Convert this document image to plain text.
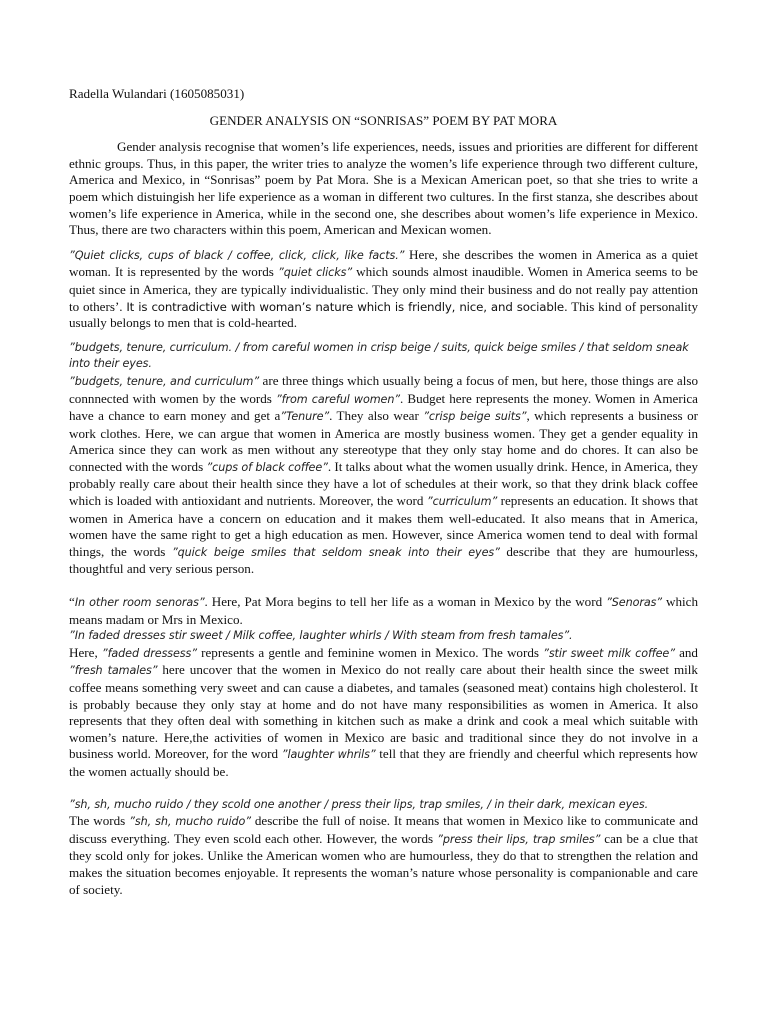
Radella Wulandari (1605085031)
GENDER ANALYSIS ON “SONRISAS” POEM BY PAT MORA

Gender analysis recognise that women’s life experiences, needs, issues and priorities are different for different ethnic groups. Thus, in this paper, the writer tries to analyze the women’s life experience through two different culture, America and Mexico, in “Sonrisas” poem by Pat Mora. She is a Mexican American poet, so that she tries to write a poem which distuingish her life experience as a woman in different two cultures. In the first stanza, she describes about women’s life experience in America, while in the second one, she describes about women’s life experience in Mexico. Thus, there are two characters within this poem, American and Mexican women.

”Quiet clicks, cups of black / coffee, click, click, like facts.” Here, she describes the women in America as a quiet woman. It is represented by the words ”quiet clicks” which sounds almost inaudible. Women in America seems to be quiet since in America, they are typically individualistic. They only mind their business and do not really pay attention to others’. It is contradictive with woman’s nature which is friendly, nice, and sociable. This kind of personality usually belongs to men that is cold-hearted.

”budgets, tenure, curriculum. / from careful women in crisp beige / suits, quick beige smiles / that seldom sneak into their eyes.

”budgets, tenure, and curriculum” are three things which usually being a focus of men, but here, those things are also connnected with women by the words ”from careful women”. Budget here represents the money. Women in America have a chance to earn money and get a”Tenure”. They also wear ”crisp beige suits”, which represents a business or work clothes. Here, we can argue that women in America are mostly business women. They get a gender equality in America since they can work as men without any stereotype that they only stay home and do chores. It can also be connected with the words ”cups of black coffee”. It talks about what the women usually drink. Hence, in America, they probably really care about their health since they have a lot of schedules at their work, so that they drink black coffee which is loaded with antioxidant and nutrients. Moreover, the word ”curriculum” represents an education. It shows that women in America have a concern on education and it makes them well-educated. It also means that in America, women have the same right to get a high education as men. However, since America women tend to deal with formal things, the words ”quick beige smiles that seldom sneak into their eyes” describe that they are humourless, thoughtful and very serious person.

“In other room senoras”. Here, Pat Mora begins to tell her life as a woman in Mexico by the word ”Senoras” which means madam or Mrs in Mexico.

”In faded dresses stir sweet / Milk coffee, laughter whirls / With steam from fresh tamales”.

Here, ”faded dressess” represents a gentle and feminine women in Mexico. The words ”stir sweet milk coffee” and ”fresh tamales” here uncover that the women in Mexico do not really care about their health since the sweet milk coffee means something very sweet and can cause a diabetes, and tamales (seasoned meat) contains high cholesterol. It is probably because they only stay at home and do not have many responsibilities as women in America. It also represents that they often deal with something in kitchen such as make a drink and cook a meal which suitable with women’s nature. Here,the activities of women in Mexico are basic and traditional since they do not involve in a business world. Moreover, for the word ”laughter whrils” tell that they are friendly and cheerful which represents how the women actually should be.

”sh, sh, mucho ruido / they scold one another / press their lips, trap smiles, / in their dark, mexican eyes.

The words ”sh, sh, mucho ruido” describe the full of noise. It means that women in Mexico like to communicate and discuss everything. They even scold each other. However, the words ”press their lips, trap smiles” can be a clue that they scold only for jokes. Unlike the American women who are humourless, they do that to strengthen the relation and makes the situation becomes enjoyable. It represents the woman’s nature whose personality is companionable and care of society.
